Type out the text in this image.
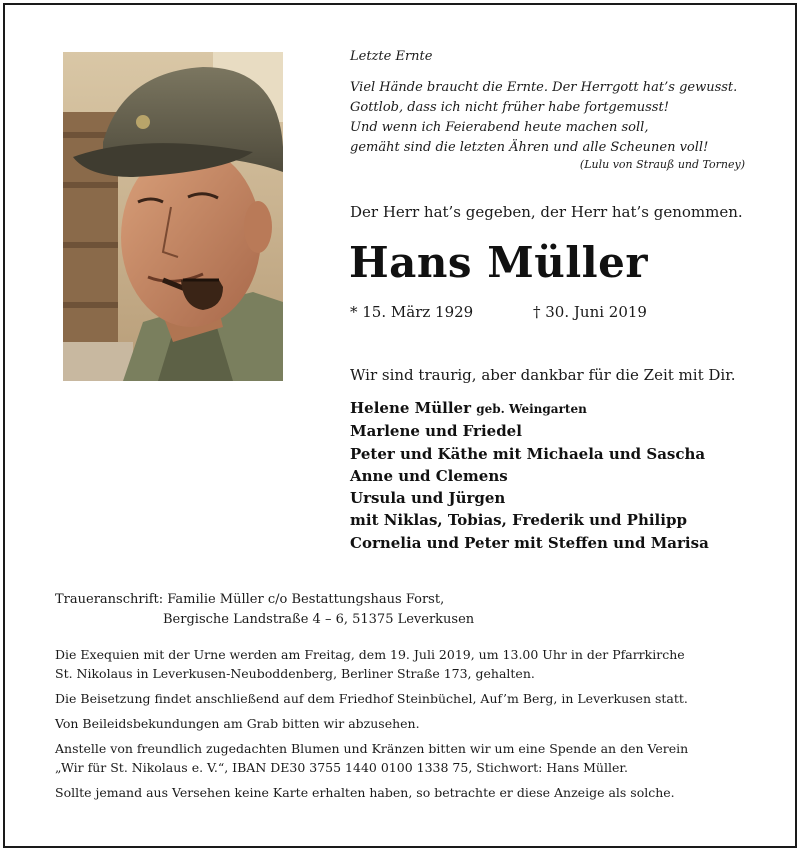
Letzte Ernte
Viel Hände braucht die Ernte. Der Herrgott hat’s gewusst.
Gottlob, dass ich nicht früher habe fortgemusst!
Und wenn ich Feierabend heute machen soll,
gemäht sind die letzten Ähren und alle Scheunen voll!
(Lulu von Strauß und Torney)
Der Herr hat’s gegeben, der Herr hat’s genommen.
Hans Müller
* 15. März 1929	† 30. Juni 2019
Wir sind traurig, aber dankbar für die Zeit mit Dir.
Helene Müller geb. Weingarten
Marlene und Friedel
Peter und Käthe mit Michaela und Sascha
Anne und Clemens
Ursula und Jürgen
mit Niklas, Tobias, Frederik und Philipp
Cornelia und Peter mit Steffen und Marisa
Traueranschrift: Familie Müller c/o Bestattungshaus Forst,
Bergische Landstraße 4 – 6, 51375 Leverkusen
Die Exequien mit der Urne werden am Freitag, dem 19. Juli 2019, um 13.00 Uhr in der Pfarrkirche
St. Nikolaus in Leverkusen-Neuboddenberg, Berliner Straße 173, gehalten.
Die Beisetzung findet anschließend auf dem Friedhof Steinbüchel, Auf’m Berg, in Leverkusen statt.
Von Beileidsbekundungen am Grab bitten wir abzusehen.
Anstelle von freundlich zugedachten Blumen und Kränzen bitten wir um eine Spende an den Verein
„Wir für St. Nikolaus e. V.“, IBAN DE30 3755 1440 0100 1338 75, Stichwort: Hans Müller.
Sollte jemand aus Versehen keine Karte erhalten haben, so betrachte er diese Anzeige als solche.
